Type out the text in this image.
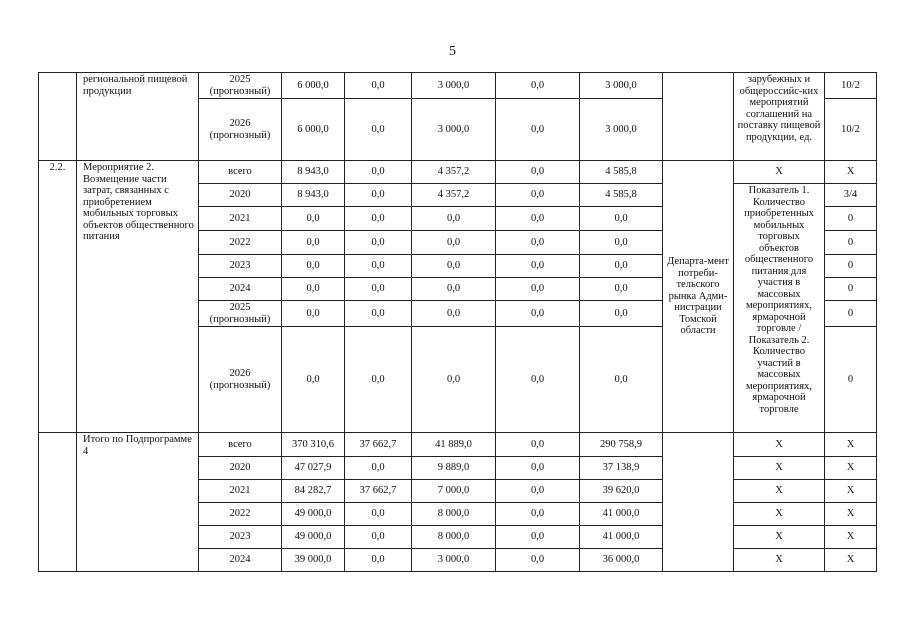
5
	региональной пищевой продукции	2025 (прогнозный)	6 000,0	0,0	3 000,0	0,0	3 000,0		зарубежных и общероссийс-ких мероприятий соглашений на поставку пищевой продукции, ед.	10/2
		2026 (прогнозный)	6 000,0	0,0	3 000,0	0,0	3 000,0			10/2
2.2.	Мероприятие 2. Возмещение части затрат, связанных с приобретением мобильных торговых объектов общественного питания	всего	8 943,0	0,0	4 357,2	0,0	4 585,8	Департа-мент потреби-тельского рынка Адми-нистрации Томской области	Х	Х
		2020	8 943,0	0,0	4 357,2	0,0	4 585,8		Показатель 1. Количество приобретенных мобильных торговых объектов общественного питания для участия в массовых мероприятиях, ярмарочной торговле / Показатель 2. Количество участий в массовых мероприятиях, ярмарочной торговле	3/4
		2021	0,0	0,0	0,0	0,0	0,0			0
		2022	0,0	0,0	0,0	0,0	0,0			0
		2023	0,0	0,0	0,0	0,0	0,0			0
		2024	0,0	0,0	0,0	0,0	0,0			0
		2025 (прогнозный)	0,0	0,0	0,0	0,0	0,0			0
		2026 (прогнозный)	0,0	0,0	0,0	0,0	0,0			0
	Итого по Подпрограмме 4	всего	370 310,6	37 662,7	41 889,0	0,0	290 758,9		Х	Х
		2020	47 027,9	0,0	9 889,0	0,0	37 138,9		Х	Х
		2021	84 282,7	37 662,7	7 000,0	0,0	39 620,0		Х	Х
		2022	49 000,0	0,0	8 000,0	0,0	41 000,0		Х	Х
		2023	49 000,0	0,0	8 000,0	0,0	41 000,0		Х	Х
		2024	39 000,0	0,0	3 000,0	0,0	36 000,0		Х	Х
